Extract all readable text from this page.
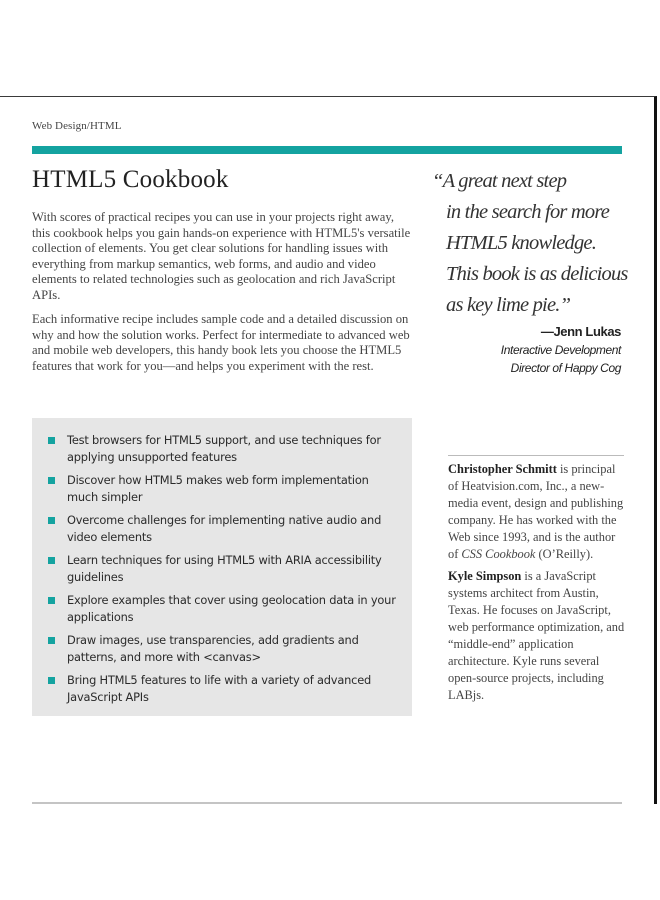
Web Design/HTML
HTML5 Cookbook

With scores of practical recipes you can use in your projects right away, this cookbook helps you gain hands-on experience with HTML5's versatile collection of elements. You get clear solutions for handling issues with everything from markup semantics, web forms, and audio and video elements to related technologies such as geolocation and rich JavaScript APIs.

Each informative recipe includes sample code and a detailed discussion on why and how the solution works. Perfect for intermediate to advanced web and mobile web developers, this handy book lets you choose the HTML5 features that work for you—and helps you experiment with the rest.

Test browsers for HTML5 support, and use techniques for applying unsupported features
Discover how HTML5 makes web form implementation much simpler
Overcome challenges for implementing native audio and video elements
Learn techniques for using HTML5 with ARIA accessibility guidelines
Explore examples that cover using geolocation data in your applications
Draw images, use transparencies, add gradients and patterns, and more with <canvas>
Bring HTML5 features to life with a variety of advanced JavaScript APIs

“A great next step
in the search for more
HTML5 knowledge.
This book is as delicious
as key lime pie.”

—Jenn Lukas
Interactive Development
Director of Happy Cog

Christopher Schmitt is principal of Heatvision.com, Inc., a new-media event, design and publishing company. He has worked with the Web since 1993, and is the author of CSS Cookbook (O’Reilly).

Kyle Simpson is a JavaScript systems architect from Austin, Texas. He focuses on JavaScript, web performance optimization, and “middle-end” application architecture. Kyle runs several open-source projects, including LABjs.
